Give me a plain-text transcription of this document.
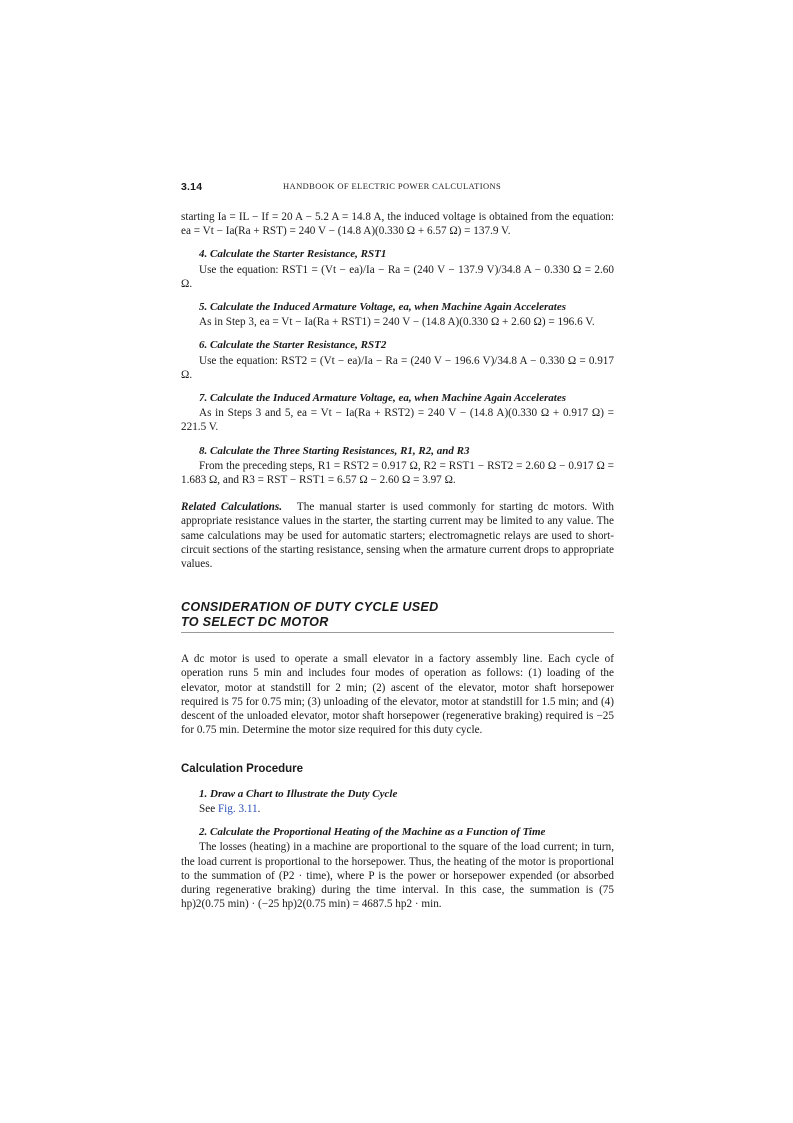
3.14	HANDBOOK OF ELECTRIC POWER CALCULATIONS

starting Ia = IL − If = 20 A − 5.2 A = 14.8 A, the induced voltage is obtained from the equation: ea = Vt − Ia(Ra + RST) = 240 V − (14.8 A)(0.330 Ω + 6.57 Ω) = 137.9 V.

4. Calculate the Starter Resistance, RST1

Use the equation: RST1 = (Vt − ea)/Ia − Ra = (240 V − 137.9 V)/34.8 A − 0.330 Ω = 2.60 Ω.

5. Calculate the Induced Armature Voltage, ea, when Machine Again Accelerates

As in Step 3, ea = Vt − Ia(Ra + RST1) = 240 V − (14.8 A)(0.330 Ω + 2.60 Ω) = 196.6 V.

6. Calculate the Starter Resistance, RST2

Use the equation: RST2 = (Vt − ea)/Ia − Ra = (240 V − 196.6 V)/34.8 A − 0.330 Ω = 0.917 Ω.

7. Calculate the Induced Armature Voltage, ea, when Machine Again Accelerates

As in Steps 3 and 5, ea = Vt − Ia(Ra + RST2) = 240 V − (14.8 A)(0.330 Ω + 0.917 Ω) = 221.5 V.

8. Calculate the Three Starting Resistances, R1, R2, and R3

From the preceding steps, R1 = RST2 = 0.917 Ω, R2 = RST1 − RST2 = 2.60 Ω − 0.917 Ω = 1.683 Ω, and R3 = RST − RST1 = 6.57 Ω − 2.60 Ω = 3.97 Ω.

Related Calculations. The manual starter is used commonly for starting dc motors. With appropriate resistance values in the starter, the starting current may be limited to any value. The same calculations may be used for automatic starters; electromagnetic relays are used to short-circuit sections of the starting resistance, sensing when the armature current drops to appropriate values.

CONSIDERATION OF DUTY CYCLE USED
TO SELECT DC MOTOR

A dc motor is used to operate a small elevator in a factory assembly line. Each cycle of operation runs 5 min and includes four modes of operation as follows: (1) loading of the elevator, motor at standstill for 2 min; (2) ascent of the elevator, motor shaft horsepower required is 75 for 0.75 min; (3) unloading of the elevator, motor at standstill for 1.5 min; and (4) descent of the unloaded elevator, motor shaft horsepower (regenerative braking) required is −25 for 0.75 min. Determine the motor size required for this duty cycle.

Calculation Procedure
1. Draw a Chart to Illustrate the Duty Cycle

See Fig. 3.11.

2. Calculate the Proportional Heating of the Machine as a Function of Time

The losses (heating) in a machine are proportional to the square of the load current; in turn, the load current is proportional to the horsepower. Thus, the heating of the motor is proportional to the summation of (P2 · time), where P is the power or horsepower expended (or absorbed during regenerative braking) during the time interval. In this case, the summation is (75 hp)2(0.75 min) · (−25 hp)2(0.75 min) = 4687.5 hp2 · min.
